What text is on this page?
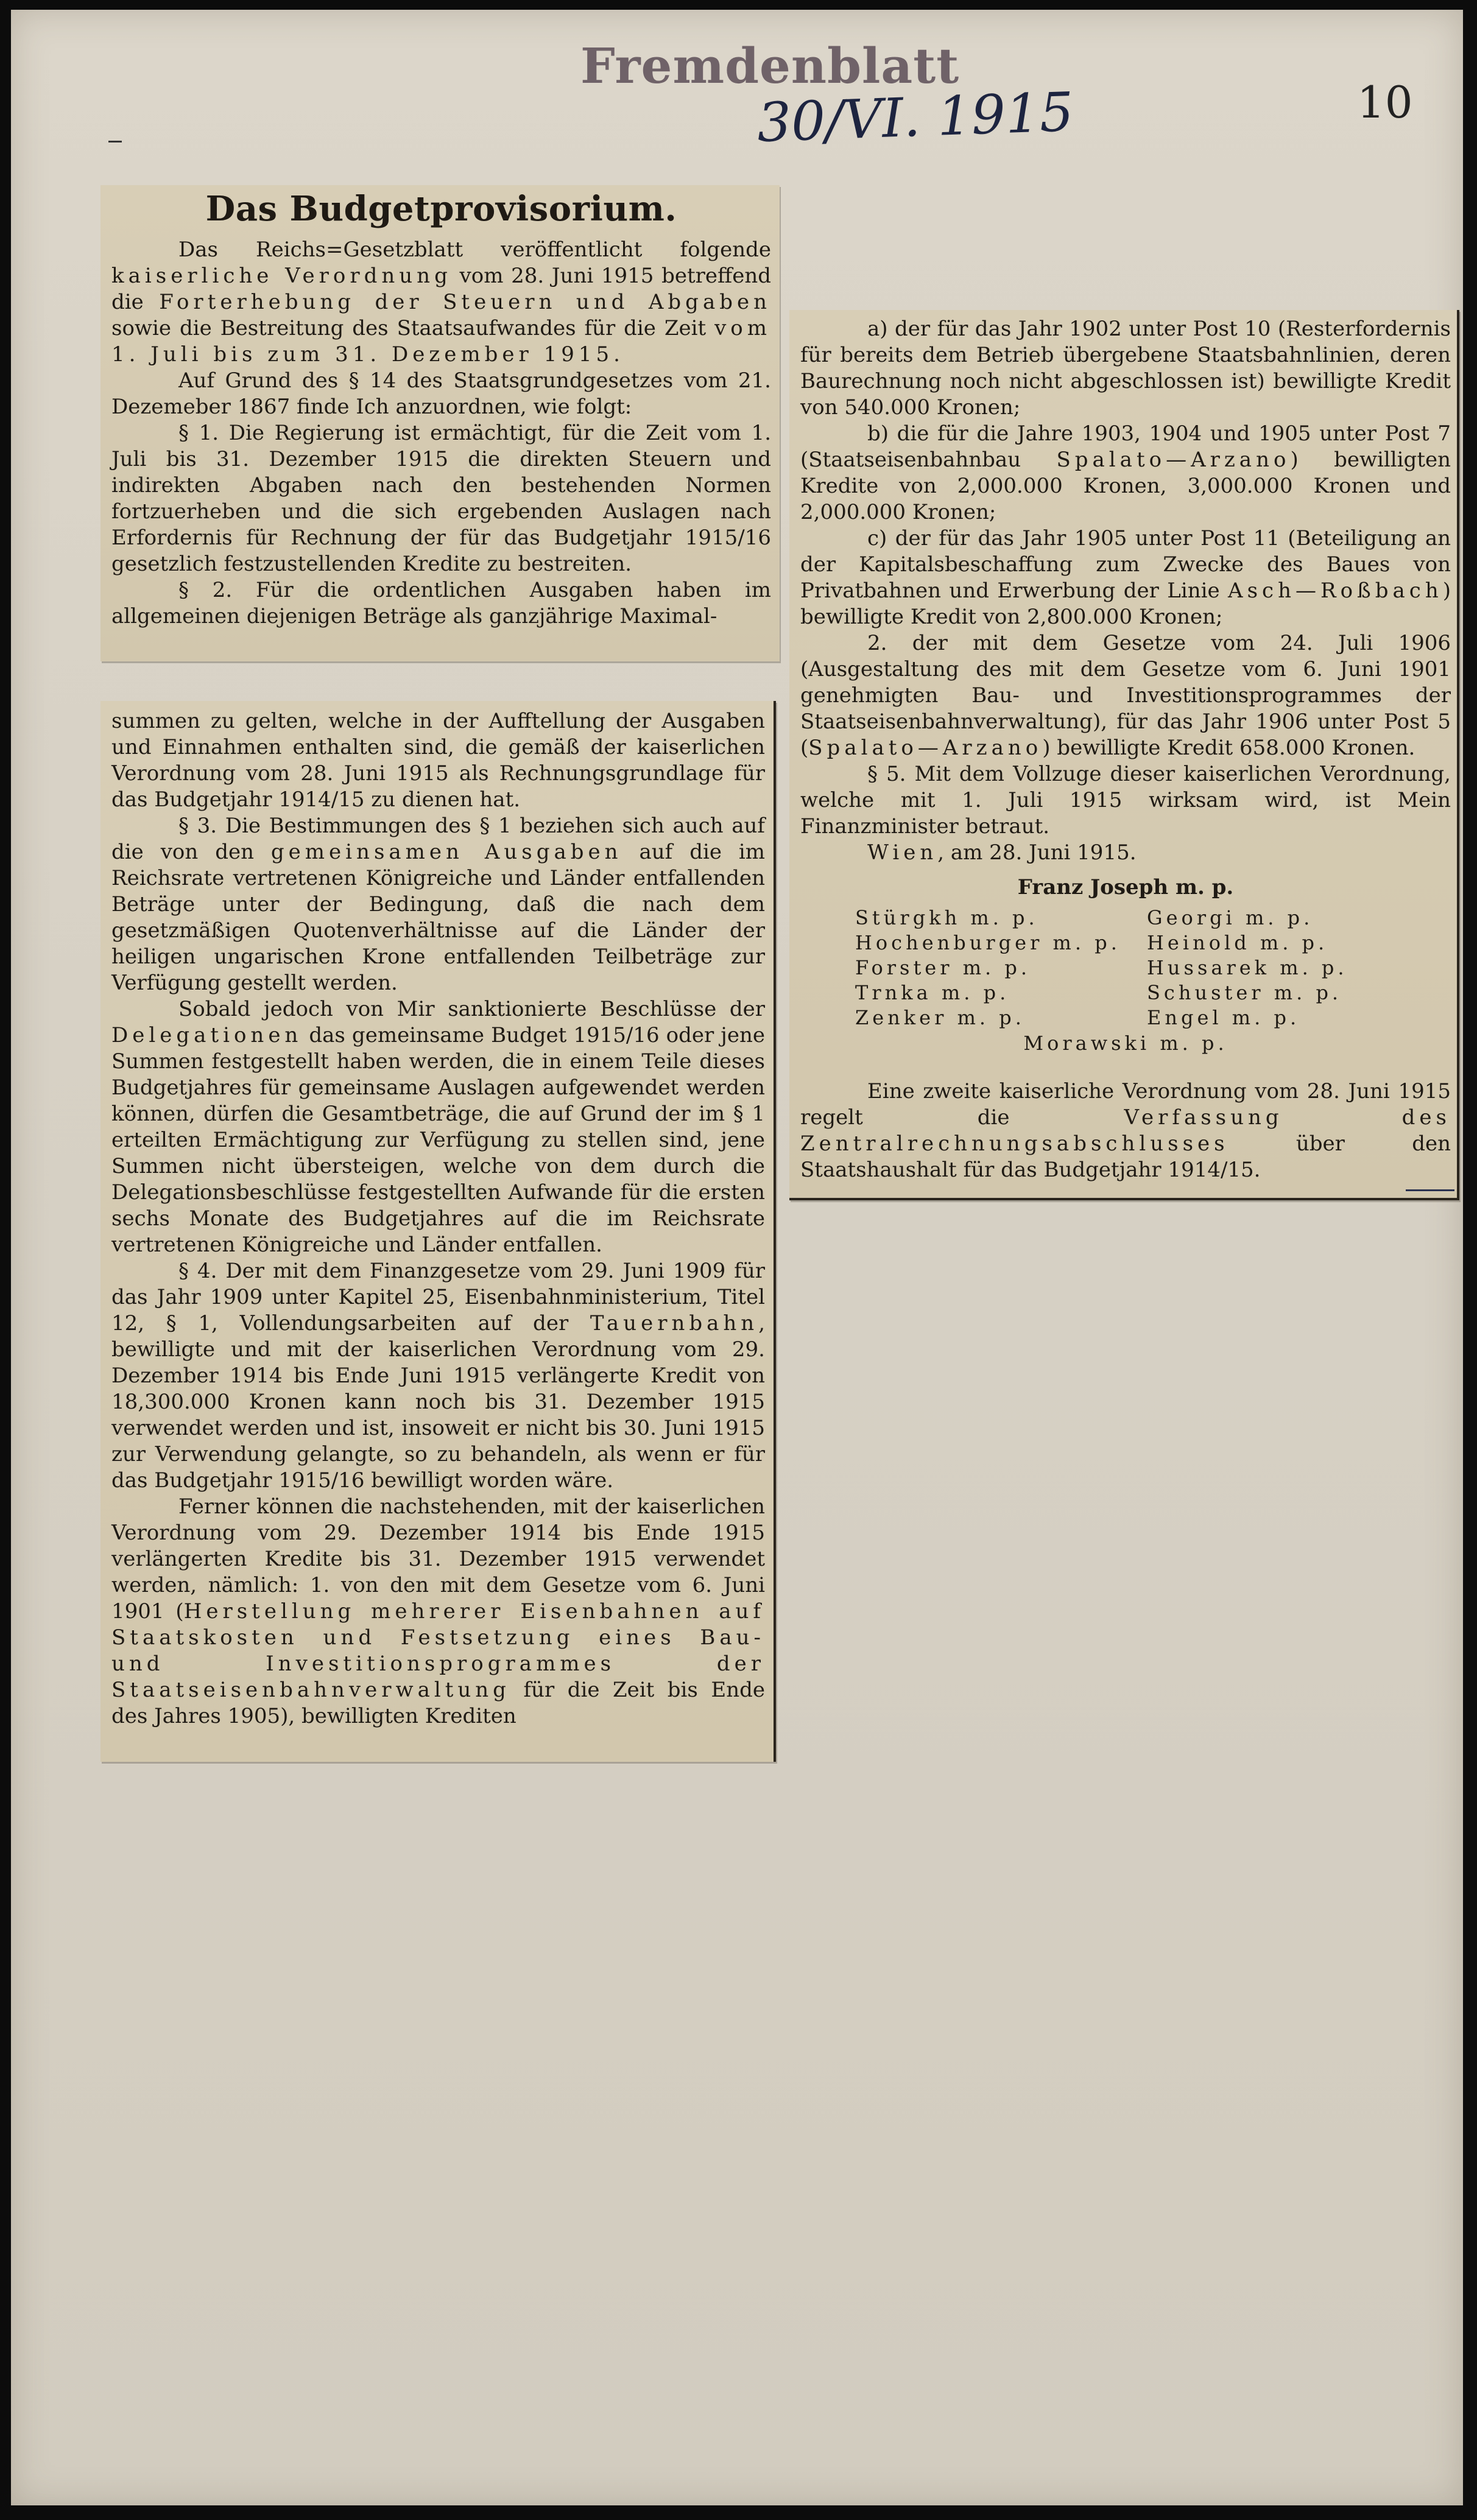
Fremdenblatt
30/VI. 1915	10

Das Budgetprovisorium.

Das Reichs=Gesetzblatt veröffentlicht folgende kaiserliche Verordnung vom 28. Juni 1915 betreffend die Forterhebung der Steuern und Abgaben sowie die Bestreitung des Staatsaufwandes für die Zeit vom 1. Juli bis zum 31. Dezember 1915.

Auf Grund des § 14 des Staatsgrundgesetzes vom 21. Dezemeber 1867 finde Ich anzuordnen, wie folgt:

§ 1. Die Regierung ist ermächtigt, für die Zeit vom 1. Juli bis 31. Dezember 1915 die direkten Steuern und indirekten Abgaben nach den bestehenden Normen fortzuerheben und die sich ergebenden Auslagen nach Erfordernis für Rechnung der für das Budgetjahr 1915/16 gesetzlich festzustellenden Kredite zu bestreiten.

§ 2. Für die ordentlichen Ausgaben haben im allgemeinen diejenigen Beträge als ganzjährige Maximal-

summen zu gelten, welche in der Aufftellung der Ausgaben und Einnahmen enthalten sind, die gemäß der kaiserlichen Verordnung vom 28. Juni 1915 als Rechnungsgrundlage für das Budgetjahr 1914/15 zu dienen hat.

§ 3. Die Bestimmungen des § 1 beziehen sich auch auf die von den gemeinsamen Ausgaben auf die im Reichsrate vertretenen Königreiche und Länder entfallenden Beträge unter der Bedingung, daß die nach dem gesetzmäßigen Quotenverhältnisse auf die Länder der heiligen ungarischen Krone entfallenden Teilbeträge zur Verfügung gestellt werden.

Sobald jedoch von Mir sanktionierte Beschlüsse der Delegationen das gemeinsame Budget 1915/16 oder jene Summen festgestellt haben werden, die in einem Teile dieses Budgetjahres für gemeinsame Auslagen aufgewendet werden können, dürfen die Gesamtbeträge, die auf Grund der im § 1 erteilten Ermächtigung zur Verfügung zu stellen sind, jene Summen nicht übersteigen, welche von dem durch die Delegationsbeschlüsse festgestellten Aufwande für die ersten sechs Monate des Budgetjahres auf die im Reichsrate vertretenen Königreiche und Länder entfallen.

§ 4. Der mit dem Finanzgesetze vom 29. Juni 1909 für das Jahr 1909 unter Kapitel 25, Eisenbahnministerium, Titel 12, § 1, Vollendungsarbeiten auf der Tauernbahn, bewilligte und mit der kaiserlichen Verordnung vom 29. Dezember 1914 bis Ende Juni 1915 verlängerte Kredit von 18,300.000 Kronen kann noch bis 31. Dezember 1915 verwendet werden und ist, insoweit er nicht bis 30. Juni 1915 zur Verwendung gelangte, so zu behandeln, als wenn er für das Budgetjahr 1915/16 bewilligt worden wäre.

Ferner können die nachstehenden, mit der kaiserlichen Verordnung vom 29. Dezember 1914 bis Ende 1915 verlängerten Kredite bis 31. Dezember 1915 verwendet werden, nämlich: 1. von den mit dem Gesetze vom 6. Juni 1901 (Herstellung mehrerer Eisenbahnen auf Staatskosten und Festsetzung eines Bau- und Investitionsprogrammes der Staatseisenbahnverwaltung für die Zeit bis Ende des Jahres 1905), bewilligten Krediten

a) der für das Jahr 1902 unter Post 10 (Resterfordernis für bereits dem Betrieb übergebene Staatsbahnlinien, deren Baurechnung noch nicht abgeschlossen ist) bewilligte Kredit von 540.000 Kronen;

b) die für die Jahre 1903, 1904 und 1905 unter Post 7 (Staatseisenbahnbau Spalato—Arzano) bewilligten Kredite von 2,000.000 Kronen, 3,000.000 Kronen und 2,000.000 Kronen;

c) der für das Jahr 1905 unter Post 11 (Beteiligung an der Kapitalsbeschaffung zum Zwecke des Baues von Privatbahnen und Erwerbung der Linie Asch—Roßbach) bewilligte Kredit von 2,800.000 Kronen;

2. der mit dem Gesetze vom 24. Juli 1906 (Ausgestaltung des mit dem Gesetze vom 6. Juni 1901 genehmigten Bau- und Investitionsprogrammes der Staatseisenbahnverwaltung), für das Jahr 1906 unter Post 5 (Spalato—Arzano) bewilligte Kredit 658.000 Kronen.

§ 5. Mit dem Vollzuge dieser kaiserlichen Verordnung, welche mit 1. Juli 1915 wirksam wird, ist Mein Finanzminister betraut.

Wien, am 28. Juni 1915.

Franz Joseph m. p.

Stürgkh m. p.	Georgi m. p.
Hochenburger m. p.	Heinold m. p.
Forster m. p.	Hussarek m. p.
Trnka m. p.	Schuster m. p.
Zenker m. p.	Engel m. p.

Morawski m. p.

Eine zweite kaiserliche Verordnung vom 28. Juni 1915 regelt die Verfassung des Zentralrechnungsabschlusses über den Staatshaushalt für das Budgetjahr 1914/15.
